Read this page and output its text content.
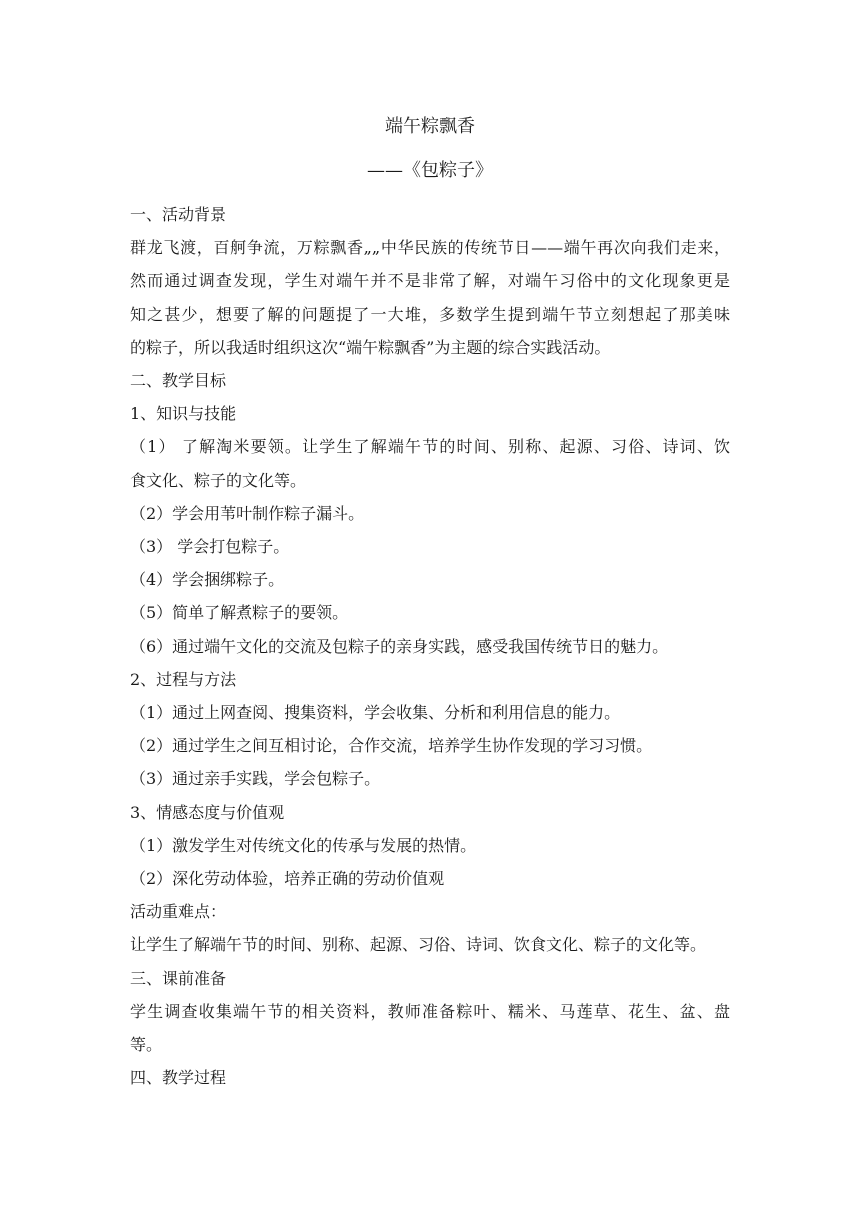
端午粽飘香
——《包粽子》
一、活动背景
群龙飞渡，百舸争流，万粽飘香„„中华民族的传统节日——端午再次向我们走来，
然而通过调查发现，学生对端午并不是非常了解，对端午习俗中的文化现象更是
知之甚少，想要了解的问题提了一大堆，多数学生提到端午节立刻想起了那美味
的粽子，所以我适时组织这次“端午粽飘香”为主题的综合实践活动。
二、教学目标
1、知识与技能
（1） 了解淘米要领。让学生了解端午节的时间、别称、起源、习俗、诗词、饮
食文化、粽子的文化等。
（2）学会用苇叶制作粽子漏斗。
（3） 学会打包粽子。
（4）学会捆绑粽子。
（5）简单了解煮粽子的要领。
（6）通过端午文化的交流及包粽子的亲身实践，感受我国传统节日的魅力。
2、过程与方法
（1）通过上网查阅、搜集资料，学会收集、分析和利用信息的能力。
（2）通过学生之间互相讨论，合作交流，培养学生协作发现的学习习惯。
（3）通过亲手实践，学会包粽子。
3、情感态度与价值观
（1）激发学生对传统文化的传承与发展的热情。
（2）深化劳动体验，培养正确的劳动价值观
活动重难点：
让学生了解端午节的时间、别称、起源、习俗、诗词、饮食文化、粽子的文化等。
三、课前准备
学生调查收集端午节的相关资料，教师准备粽叶、糯米、马莲草、花生、盆、盘
等。
四、教学过程
